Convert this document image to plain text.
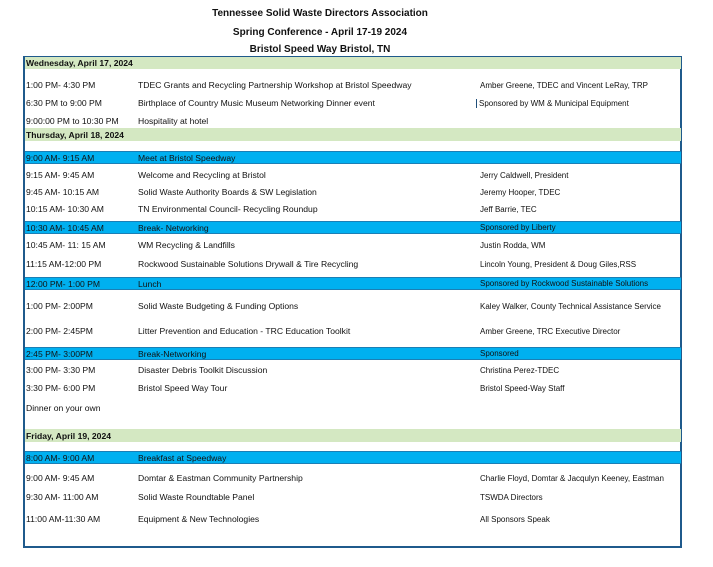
Tennessee Solid Waste Directors Association
Spring Conference - April 17-19 2024
Bristol Speed Way Bristol, TN
Wednesday, April 17, 2024
1:00 PM- 4:30 PM	TDEC Grants and Recycling Partnership Workshop at Bristol Speedway	Amber Greene, TDEC and Vincent LeRay, TRP
6:30 PM to 9:00 PM	Birthplace of Country Music Museum Networking Dinner event	Sponsored by WM & Municipal Equipment
9:00:00 PM to 10:30 PM Hospitality at hotel
Thursday, April 18, 2024
9:00 AM- 9:15 AM	Meet at Bristol Speedway
9:15 AM- 9:45 AM	Welcome and Recycling at Bristol	Jerry Caldwell, President
9:45 AM- 10:15 AM	Solid Waste Authority Boards & SW Legislation	Jeremy Hooper, TDEC
10:15 AM- 10:30 AM	TN Environmental Council- Recycling Roundup	Jeff Barrie, TEC
10:30 AM- 10:45 AM	Break- Networking	Sponsored by Liberty
10:45 AM- 11: 15 AM	WM Recycling & Landfills	Justin Rodda, WM
11:15 AM-12:00 PM	Rockwood Sustainable Solutions Drywall & Tire Recycling	Lincoln Young, President & Doug Giles,RSS
12:00 PM- 1:00 PM	Lunch	Sponsored by Rockwood Sustainable Solutions
1:00 PM- 2:00PM	Solid Waste Budgeting & Funding Options	Kaley Walker, County Technical Assistance Service
2:00 PM- 2:45PM	Litter Prevention and Education - TRC Education Toolkit	Amber Greene, TRC Executive Director
2:45 PM- 3:00PM	Break-Networking	Sponsored
3:00 PM- 3:30 PM	Disaster Debris Toolkit Discussion	Christina Perez-TDEC
3:30 PM- 6:00 PM	Bristol Speed Way Tour	Bristol Speed-Way Staff
Dinner on your own
Friday, April 19, 2024
8:00 AM- 9:00 AM	Breakfast at Speedway
9:00 AM- 9:45 AM	Domtar & Eastman Community Partnership	Charlie Floyd, Domtar & Jacqulyn Keeney, Eastman
9:30 AM- 11:00 AM	Solid Waste Roundtable Panel	TSWDA Directors
11:00 AM-11:30 AM	Equipment & New Technologies	All Sponsors Speak
